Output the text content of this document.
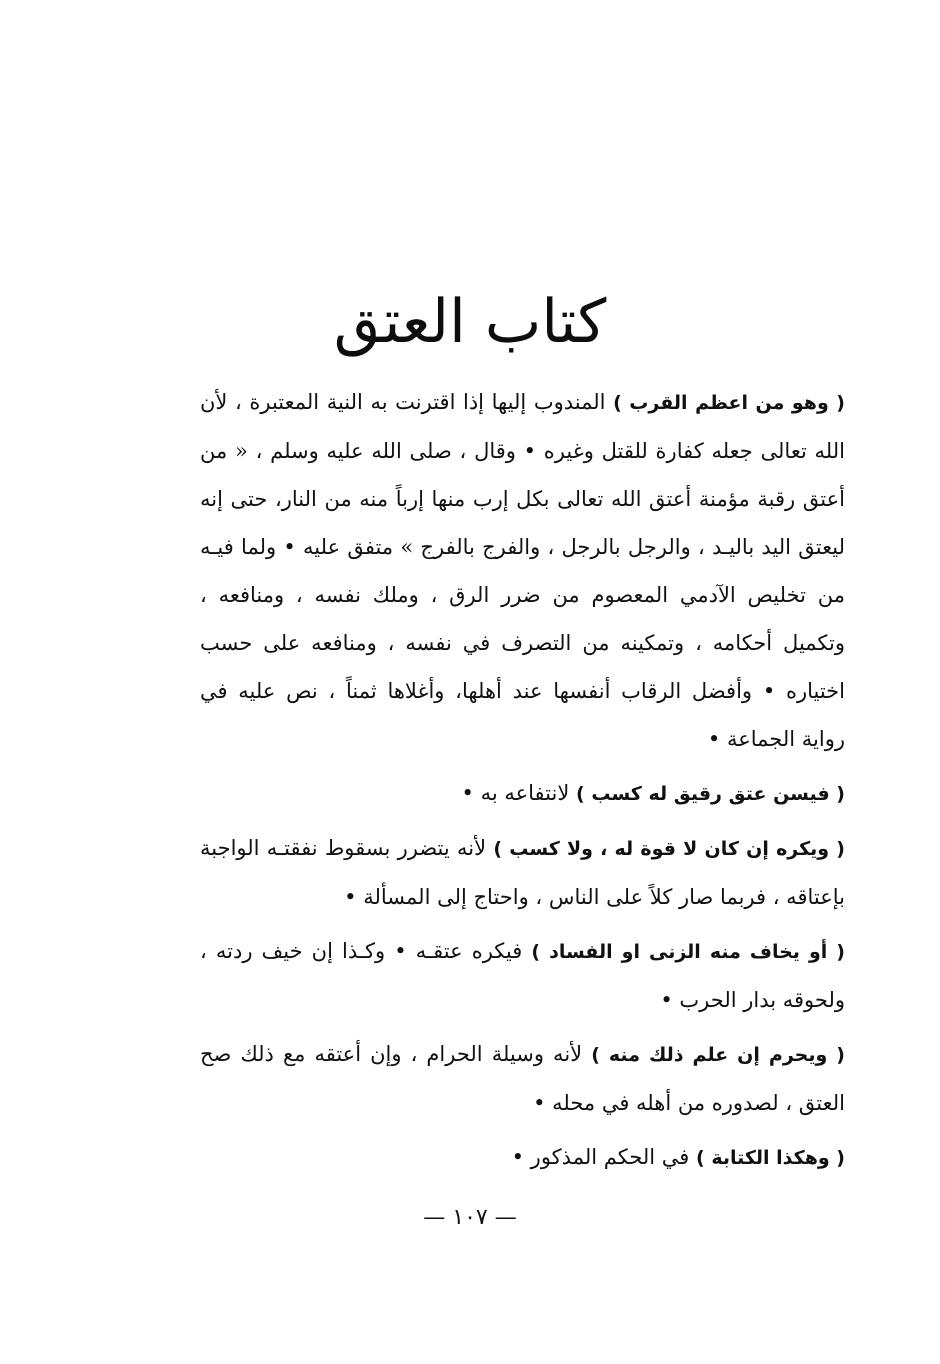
كتاب العتق

( وهو من اعظم القرب ) المندوب إليها إذا اقترنت به النية المعتبرة ، لأن الله تعالى جعله كفارة للقتل وغيره • وقال ، صلى الله عليه وسلم ، « من أعتق رقبة مؤمنة أعتق الله تعالى بكل إرب منها إرباً منه من النار، حتى إنه ليعتق اليد باليـد ، والرجل بالرجل ، والفرج بالفرج » متفق عليه • ولما فيـه من تخليص الآدمي المعصوم من ضرر الرق ، وملك نفسه ، ومنافعه ، وتكميل أحكامه ، وتمكينه من التصرف في نفسه ، ومنافعه على حسب اختياره • وأفضل الرقاب أنفسها عند أهلها، وأغلاها ثمناً ، نص عليه في رواية الجماعة •

( فيسن عتق رقيق له كسب ) لانتفاعه به •

( ويكره إن كان لا قوة له ، ولا كسب ) لأنه يتضرر بسقوط نفقتـه الواجبة بإعتاقه ، فربما صار كلاً على الناس ، واحتاج إلى المسألة •

( أو يخاف منه الزنى او الفساد ) فيكره عتقـه • وكـذا إن خيف ردته ، ولحوقه بدار الحرب •

( ويحرم إن علم ذلك منه ) لأنه وسيلة الحرام ، وإن أعتقه مع ذلك صح العتق ، لصدوره من أهله في محله •

( وهكذا الكتابة ) في الحكم المذكور •

— ١٠٧ —
